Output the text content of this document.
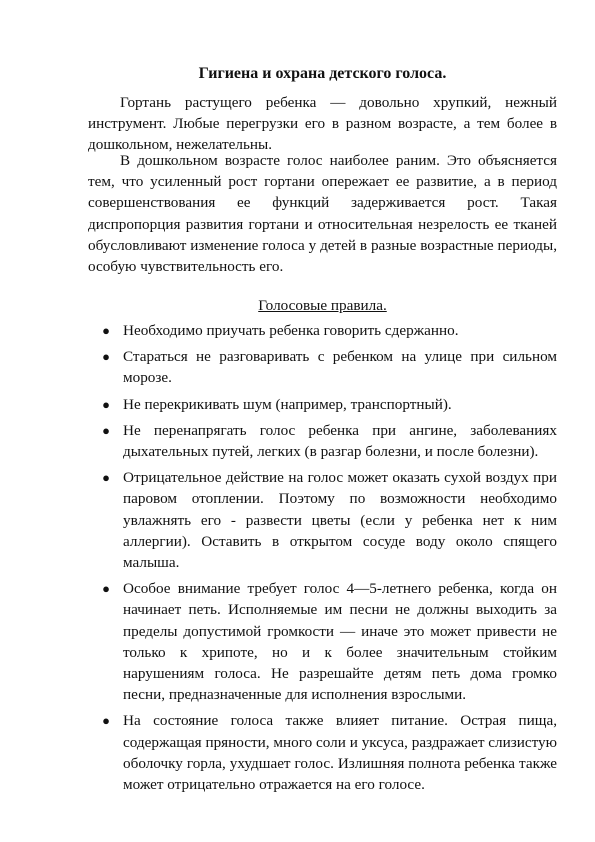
Гигиена и охрана детского голоса.
Гортань растущего ребенка — довольно хрупкий, нежный инструмент. Любые перегрузки его в разном возрасте, а тем более в дошкольном, нежелательны.
В дошкольном возрасте голос наиболее раним. Это объясняется тем, что усиленный рост гортани опережает ее развитие, а в период совершенствования ее функций задерживается рост. Такая диспропорция развития гортани и относительная незрелость ее тканей обусловливают изменение голоса у детей в разные возрастные периоды, особую чувствительность его.
Голосовые правила.
● Необходимо приучать ребенка говорить сдержанно.
● Стараться не разговаривать с ребенком на улице при сильном морозе.
● Не перекрикивать шум (например, транспортный).
● Не перенапрягать голос ребенка при ангине, заболеваниях дыхательных путей, легких (в разгар болезни, и после болезни).
● Отрицательное действие на голос может оказать сухой воздух при паровом отоплении. Поэтому по возможности необходимо увлажнять его - развести цветы (если у ребенка нет к ним аллергии). Оставить в открытом сосуде воду около спящего малыша.
● Особое внимание требует голос 4—5-летнего ребенка, когда он начинает петь. Исполняемые им песни не должны выходить за пределы допустимой громкости — иначе это может привести не только к хрипоте, но и к более значительным стойким нарушениям голоса. Не разрешайте детям петь дома громко песни, предназначенные для исполнения взрослыми.
● На состояние голоса также влияет питание. Острая пища, содержащая пряности, много соли и уксуса, раздражает слизистую оболочку горла, ухудшает голос. Излишняя полнота ребенка также может отрицательно отражается на его голосе.
